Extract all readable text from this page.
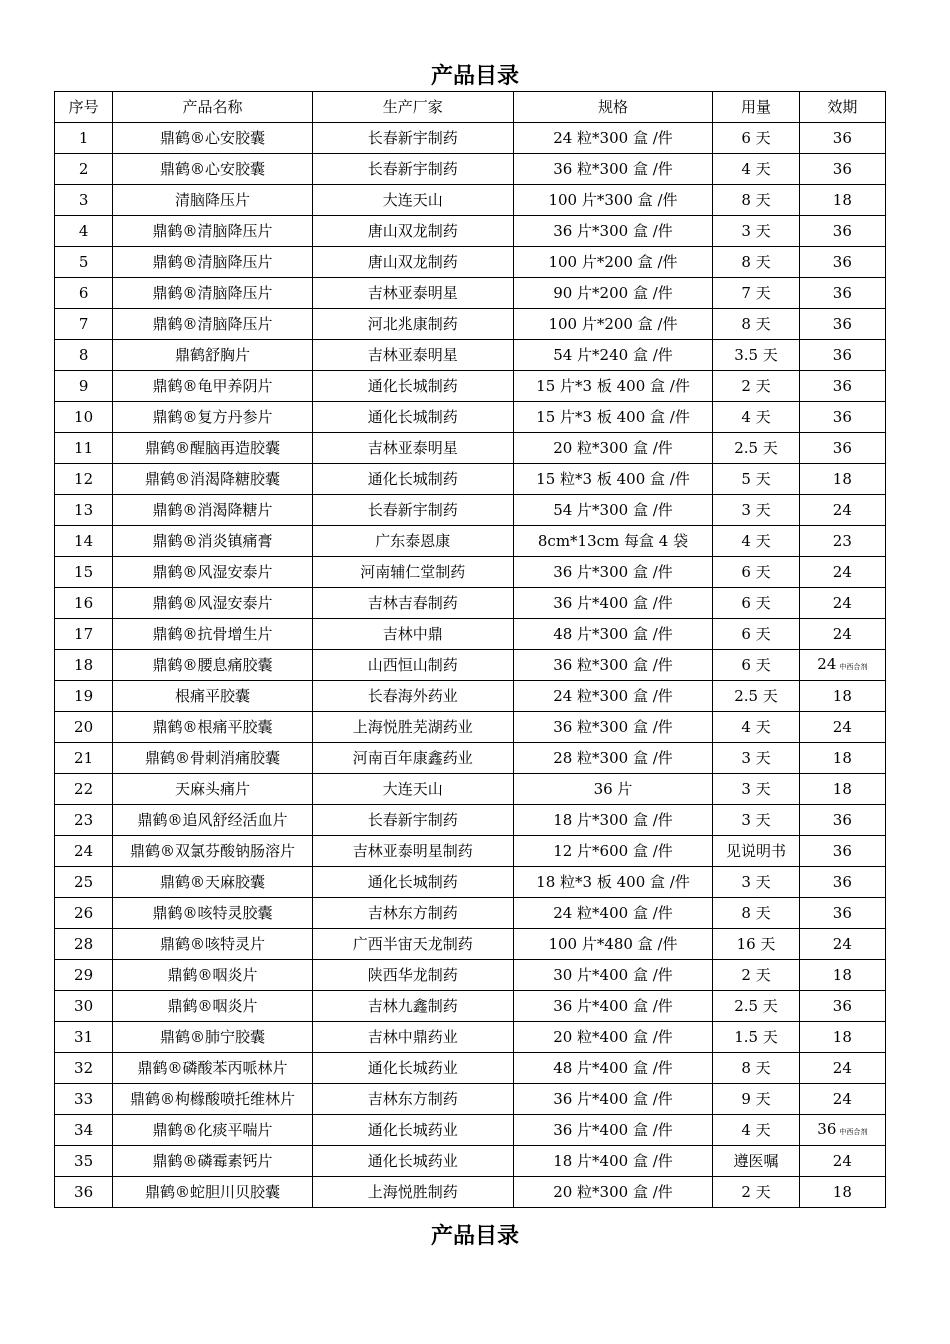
产品目录
序号	产品名称	生产厂家	规格	用量	效期
1	鼎鹤®心安胶囊	长春新宇制药	24 粒*300 盒 /件	6 天	36
2	鼎鹤®心安胶囊	长春新宇制药	36 粒*300 盒 /件	4 天	36
3	清脑降压片	大连天山	100 片*300 盒 /件	8 天	18
4	鼎鹤®清脑降压片	唐山双龙制药	36 片*300 盒 /件	3 天	36
5	鼎鹤®清脑降压片	唐山双龙制药	100 片*200 盒 /件	8 天	36
6	鼎鹤®清脑降压片	吉林亚泰明星	90 片*200 盒 /件	7 天	36
7	鼎鹤®清脑降压片	河北兆康制药	100 片*200 盒 /件	8 天	36
8	鼎鹤舒胸片	吉林亚泰明星	54 片*240 盒 /件	3.5 天	36
9	鼎鹤®龟甲养阴片	通化长城制药	15 片*3 板 400 盒 /件	2 天	36
10	鼎鹤®复方丹参片	通化长城制药	15 片*3 板 400 盒 /件	4 天	36
11	鼎鹤®醒脑再造胶囊	吉林亚泰明星	20 粒*300 盒 /件	2.5 天	36
12	鼎鹤®消渴降糖胶囊	通化长城制药	15 粒*3 板 400 盒 /件	5 天	18
13	鼎鹤®消渴降糖片	长春新宇制药	54 片*300 盒 /件	3 天	24
14	鼎鹤®消炎镇痛膏	广东泰恩康	8cm*13cm 每盒 4 袋	4 天	23
15	鼎鹤®风湿安泰片	河南辅仁堂制药	36 片*300 盒 /件	6 天	24
16	鼎鹤®风湿安泰片	吉林吉春制药	36 片*400 盒 /件	6 天	24
17	鼎鹤®抗骨增生片	吉林中鼎	48 片*300 盒 /件	6 天	24
18	鼎鹤®腰息痛胶囊	山西恒山制药	36 粒*300 盒 /件	6 天	24 中西合剂
19	根痛平胶囊	长春海外药业	24 粒*300 盒 /件	2.5 天	18
20	鼎鹤®根痛平胶囊	上海悦胜芜湖药业	36 粒*300 盒 /件	4 天	24
21	鼎鹤®骨刺消痛胶囊	河南百年康鑫药业	28 粒*300 盒 /件	3 天	18
22	天麻头痛片	大连天山	36 片	3 天	18
23	鼎鹤®追风舒经活血片	长春新宇制药	18 片*300 盒 /件	3 天	36
24	鼎鹤®双氯芬酸钠肠溶片	吉林亚泰明星制药	12 片*600 盒 /件	见说明书	36
25	鼎鹤®天麻胶囊	通化长城制药	18 粒*3 板 400 盒 /件	3 天	36
26	鼎鹤®咳特灵胶囊	吉林东方制药	24 粒*400 盒 /件	8 天	36
28	鼎鹤®咳特灵片	广西半宙天龙制药	100 片*480 盒 /件	16 天	24
29	鼎鹤®咽炎片	陕西华龙制药	30 片*400 盒 /件	2 天	18
30	鼎鹤®咽炎片	吉林九鑫制药	36 片*400 盒 /件	2.5 天	36
31	鼎鹤®肺宁胶囊	吉林中鼎药业	20 粒*400 盒 /件	1.5 天	18
32	鼎鹤®磷酸苯丙哌林片	通化长城药业	48 片*400 盒 /件	8 天	24
33	鼎鹤®枸橼酸喷托维林片	吉林东方制药	36 片*400 盒 /件	9 天	24
34	鼎鹤®化痰平喘片	通化长城药业	36 片*400 盒 /件	4 天	36 中西合剂
35	鼎鹤®磷霉素钙片	通化长城药业	18 片*400 盒 /件	遵医嘱	24
36	鼎鹤®蛇胆川贝胶囊	上海悦胜制药	20 粒*300 盒 /件	2 天	18
产品目录
